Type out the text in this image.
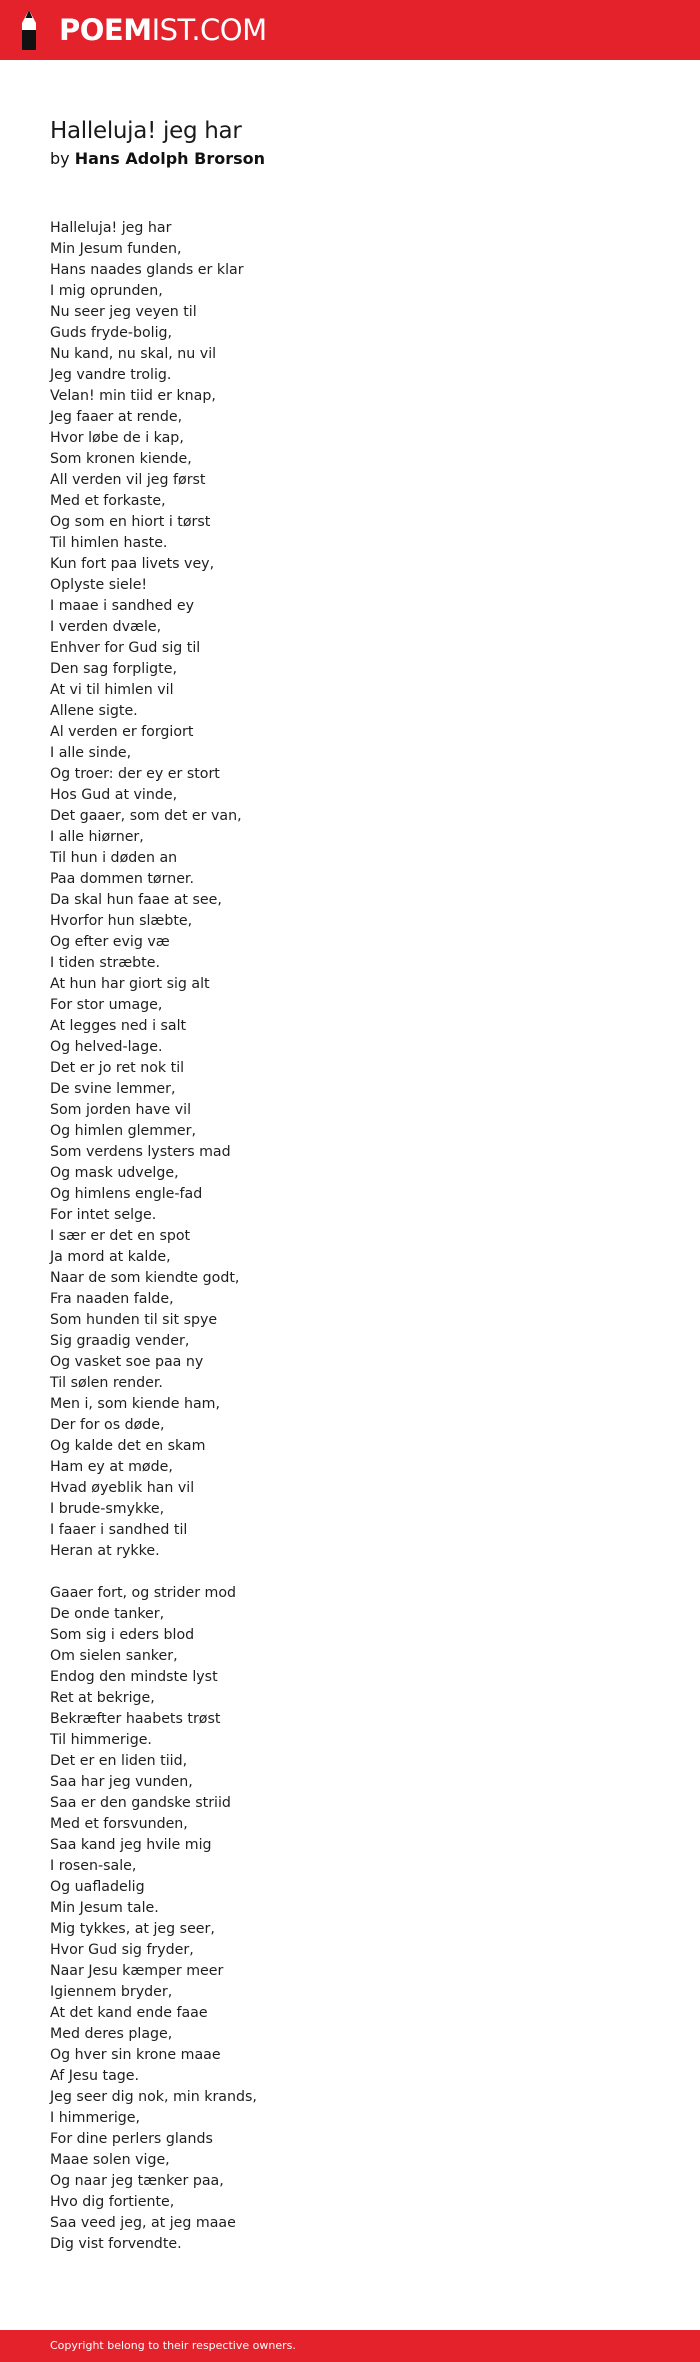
POEMIST.COM
Halleluja! jeg har
by Hans Adolph Brorson
Halleluja! jeg har
Min Jesum funden,
Hans naades glands er klar
I mig oprunden,
Nu seer jeg veyen til
Guds fryde-bolig,
Nu kand, nu skal, nu vil
Jeg vandre trolig.
Velan! min tiid er knap,
Jeg faaer at rende,
Hvor løbe de i kap,
Som kronen kiende,
All verden vil jeg først
Med et forkaste,
Og som en hiort i tørst
Til himlen haste.
Kun fort paa livets vey,
Oplyste siele!
I maae i sandhed ey
I verden dvæle,
Enhver for Gud sig til
Den sag forpligte,
At vi til himlen vil
Allene sigte.
Al verden er forgiort
I alle sinde,
Og troer: der ey er stort
Hos Gud at vinde,
Det gaaer, som det er van,
I alle hiørner,
Til hun i døden an
Paa dommen tørner.
Da skal hun faae at see,
Hvorfor hun slæbte,
Og efter evig væ
I tiden stræbte.
At hun har giort sig alt
For stor umage,
At legges ned i salt
Og helved-lage.
Det er jo ret nok til
De svine lemmer,
Som jorden have vil
Og himlen glemmer,
Som verdens lysters mad
Og mask udvelge,
Og himlens engle-fad
For intet selge.
I sær er det en spot
Ja mord at kalde,
Naar de som kiendte godt,
Fra naaden falde,
Som hunden til sit spye
Sig graadig vender,
Og vasket soe paa ny
Til sølen render.
Men i, som kiende ham,
Der for os døde,
Og kalde det en skam
Ham ey at møde,
Hvad øyeblik han vil
I brude-smykke,
I faaer i sandhed til
Heran at rykke.
Gaaer fort, og strider mod
De onde tanker,
Som sig i eders blod
Om sielen sanker,
Endog den mindste lyst
Ret at bekrige,
Bekræfter haabets trøst
Til himmerige.
Det er en liden tiid,
Saa har jeg vunden,
Saa er den gandske striid
Med et forsvunden,
Saa kand jeg hvile mig
I rosen-sale,
Og uafladelig
Min Jesum tale.
Mig tykkes, at jeg seer,
Hvor Gud sig fryder,
Naar Jesu kæmper meer
Igiennem bryder,
At det kand ende faae
Med deres plage,
Og hver sin krone maae
Af Jesu tage.
Jeg seer dig nok, min krands,
I himmerige,
For dine perlers glands
Maae solen vige,
Og naar jeg tænker paa,
Hvo dig fortiente,
Saa veed jeg, at jeg maae
Dig vist forvendte.
Copyright belong to their respective owners.
